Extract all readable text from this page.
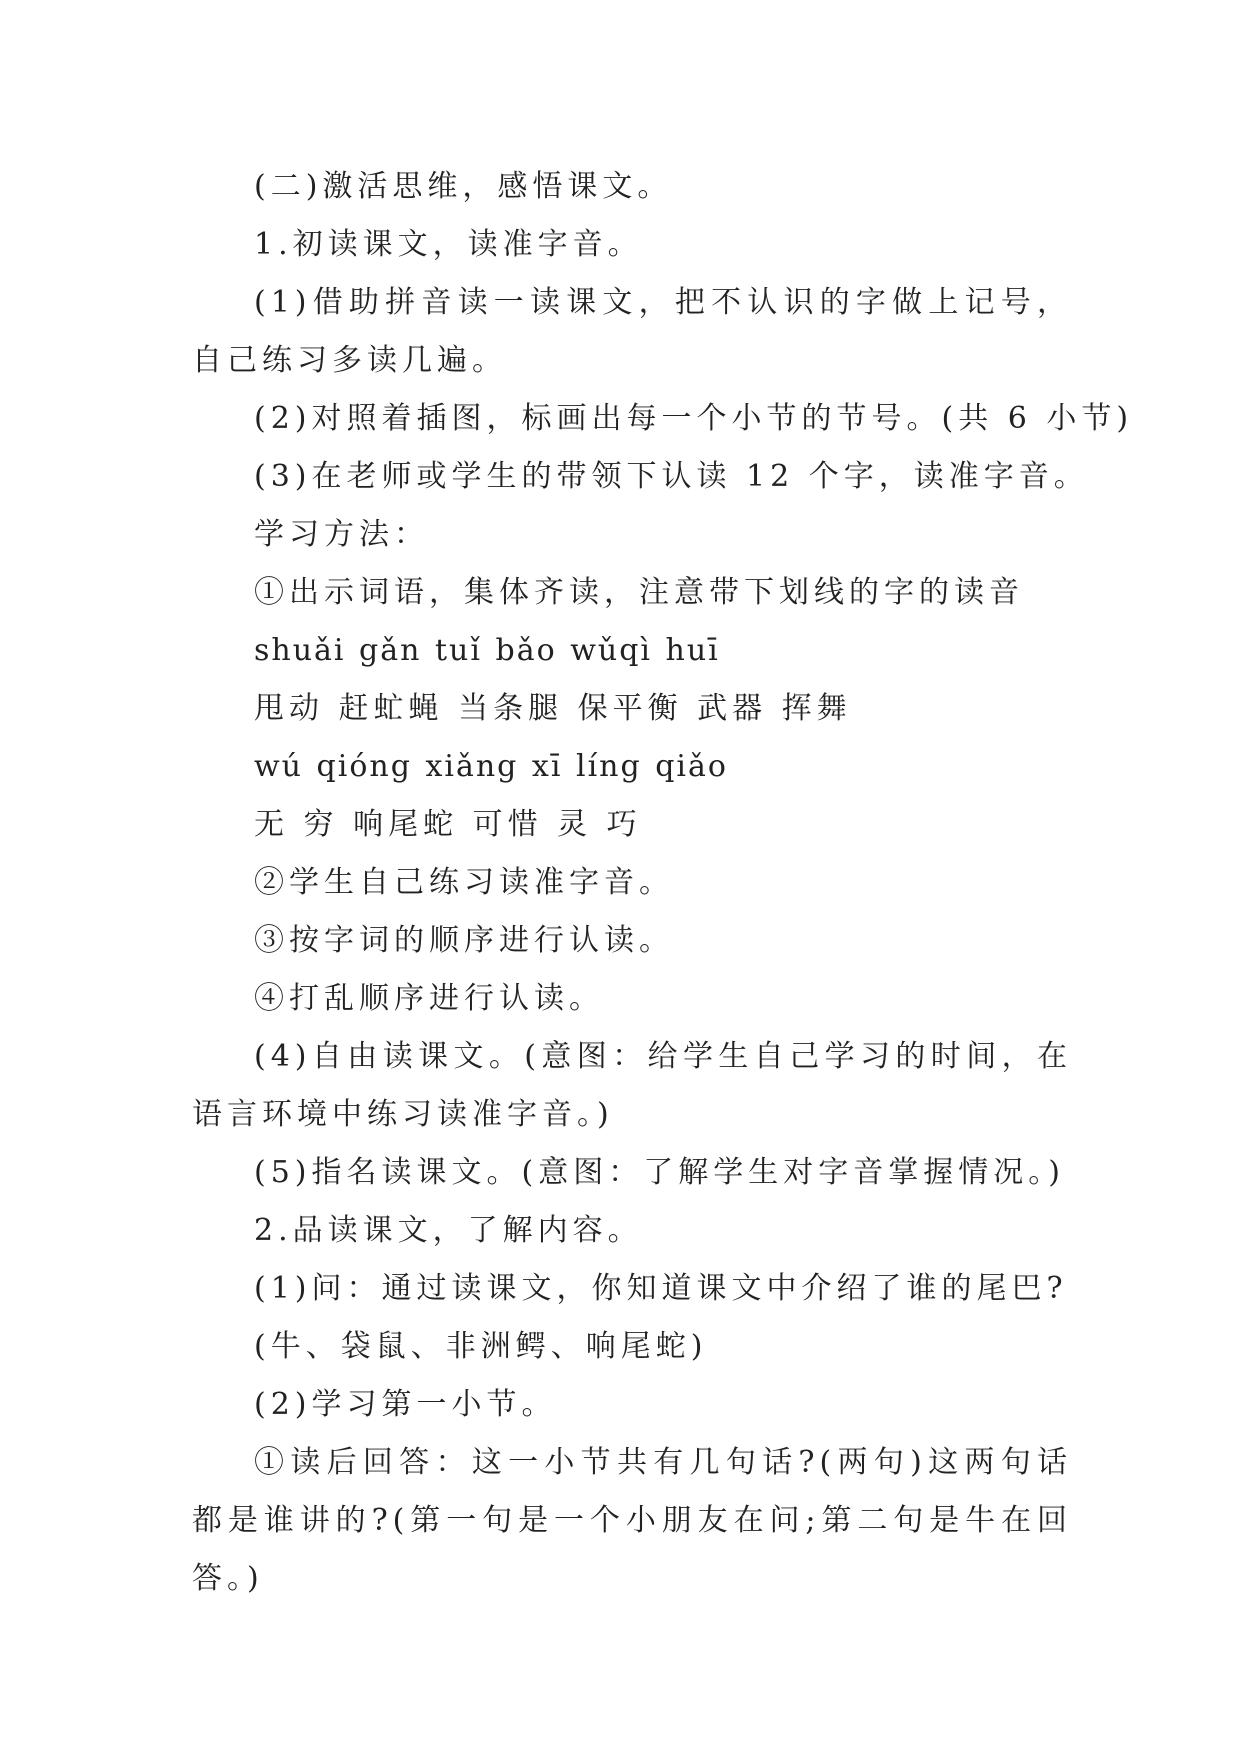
(二)激活思维，感悟课文。

1.初读课文，读准字音。

(1)借助拼音读一读课文，把不认识的字做上记号，自己练习多读几遍。

(2)对照着插图，标画出每一个小节的节号。(共 6 小节)

(3)在老师或学生的带领下认读 12 个字，读准字音。

学习方法：

①出示词语，集体齐读，注意带下划线的字的读音

shuǎi gǎn tuǐ bǎo wǔqì huī

甩动 赶虻蝇 当条腿 保平衡 武器 挥舞

wú qióng xiǎng xī líng qiǎo

无 穷 响尾蛇 可惜 灵 巧

②学生自己练习读准字音。

③按字词的顺序进行认读。

④打乱顺序进行认读。

(4)自由读课文。(意图：给学生自己学习的时间，在语言环境中练习读准字音。)

(5)指名读课文。(意图：了解学生对字音掌握情况。)

2.品读课文，了解内容。

(1)问：通过读课文，你知道课文中介绍了谁的尾巴?

(牛、袋鼠、非洲鳄、响尾蛇)

(2)学习第一小节。

①读后回答：这一小节共有几句话?(两句)这两句话都是谁讲的?(第一句是一个小朋友在问;第二句是牛在回答。)
